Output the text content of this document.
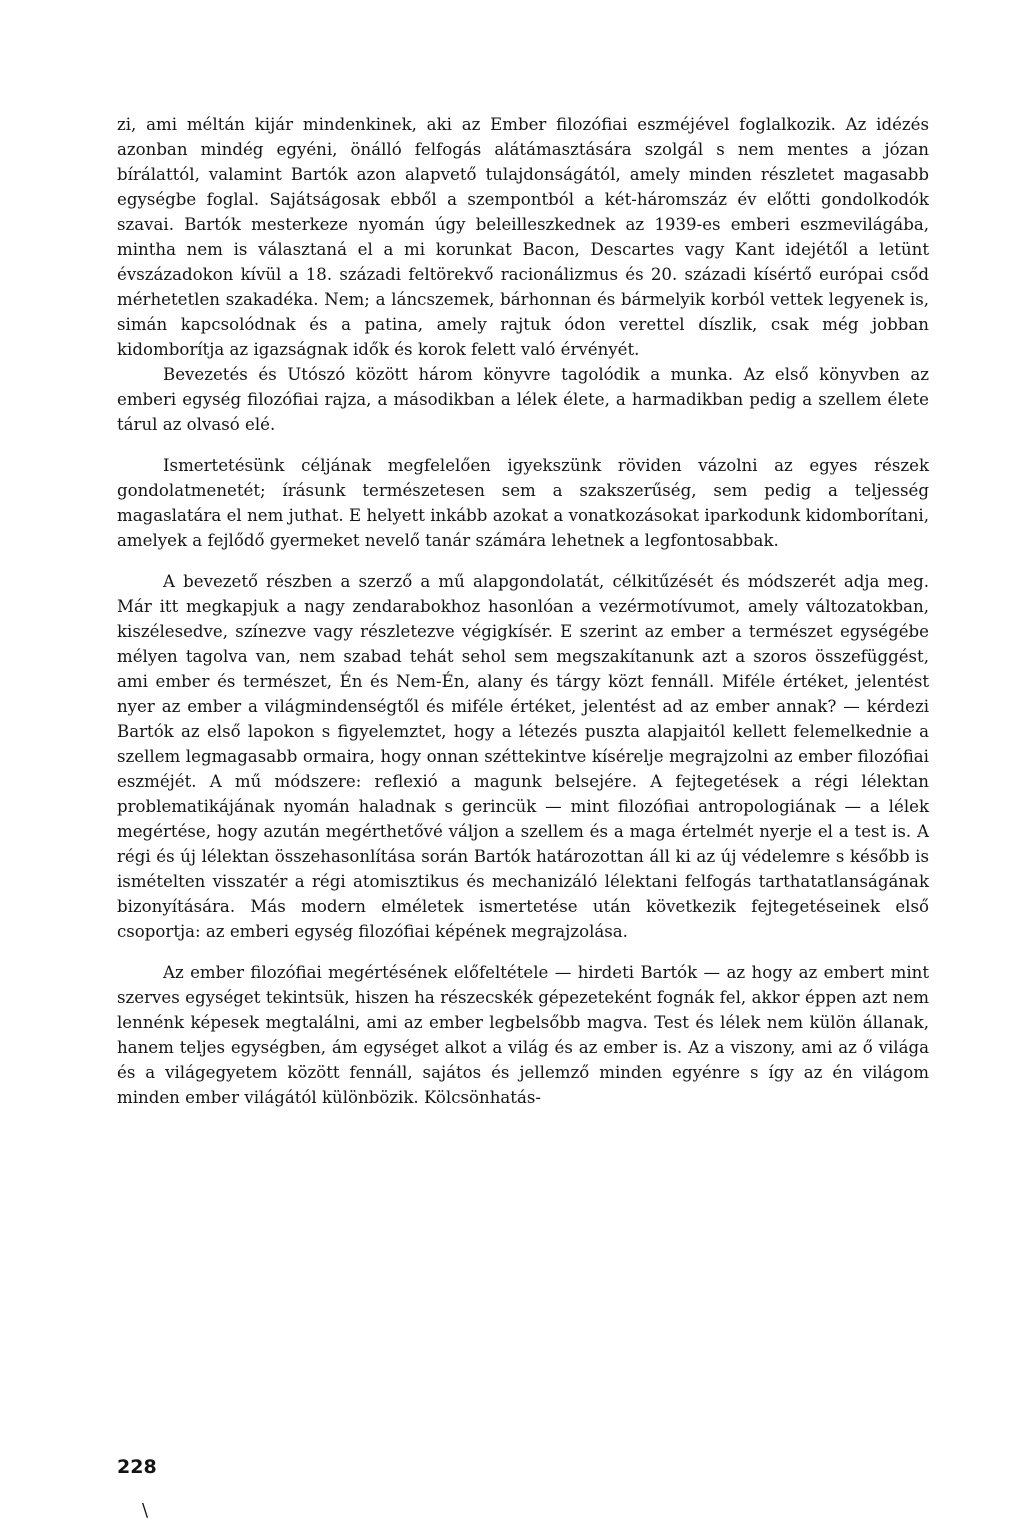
zi, ami méltán kijár mindenkinek, aki az Ember filozófiai eszméjével foglalkozik. Az idézés azonban mindég egyéni, önálló felfogás alátámasztására szolgál s nem mentes a józan bírálattól, valamint Bartók azon alapvető tulajdonságától, amely minden részletet magasabb egységbe foglal. Sajátságosak ebből a szempontból a két-háromszáz év előtti gondolkodók szavai. Bartók mesterkeze nyomán úgy beleilleszkednek az 1939-es emberi eszmevilágába, mintha nem is választaná el a mi korunkat Bacon, Descartes vagy Kant idejétől a letünt évszázadokon kívül a 18. századi feltörekvő racionálizmus és 20. századi kísértő európai csőd mérhetetlen szakadéka. Nem; a láncszemek, bárhonnan és bármelyik korból vettek legyenek is, simán kapcsolódnak és a patina, amely rajtuk ódon verettel díszlik, csak még jobban kidomborítja az igazságnak idők és korok felett való érvényét.

Bevezetés és Utószó között három könyvre tagolódik a munka. Az első könyvben az emberi egység filozófiai rajza, a másodikban a lélek élete, a harmadikban pedig a szellem élete tárul az olvasó elé.

Ismertetésünk céljának megfelelően igyekszünk röviden vázolni az egyes részek gondolatmenetét; írásunk természetesen sem a szakszerűség, sem pedig a teljesség magaslatára el nem juthat. E helyett inkább azokat a vonatkozásokat iparkodunk kidomborítani, amelyek a fejlődő gyermeket nevelő tanár számára lehetnek a legfontosabbak.

A bevezető részben a szerző a mű alapgondolatát, célkitűzését és módszerét adja meg. Már itt megkapjuk a nagy zendarabokhoz hasonlóan a vezérmotívumot, amely változatokban, kiszélesedve, színezve vagy részletezve végigkísér. E szerint az ember a természet egységébe mélyen tagolva van, nem szabad tehát sehol sem megszakítanunk azt a szoros összefüggést, ami ember és természet, Én és Nem-Én, alany és tárgy közt fennáll. Miféle értéket, jelentést nyer az ember a világmindenségtől és miféle értéket, jelentést ad az ember annak? — kérdezi Bartók az első lapokon s figyelemztet, hogy a létezés puszta alapjaitól kellett felemelkednie a szellem legmagasabb ormaira, hogy onnan széttekintve kísérelje megrajzolni az ember filozófiai eszméjét. A mű módszere: reflexió a magunk belsejére. A fejtegetések a régi lélektan problematikájának nyomán haladnak s gerincük — mint filozófiai antropologiának — a lélek megértése, hogy azután megérthetővé váljon a szellem és a maga értelmét nyerje el a test is. A régi és új lélektan összehasonlítása során Bartók határozottan áll ki az új védelemre s később is ismételten visszatér a régi atomisztikus és mechanizáló lélektani felfogás tarthatatlanságának bizonyítására. Más modern elméletek ismertetése után következik fejtegetéseinek első csoportja: az emberi egység filozófiai képének megrajzolása.

Az ember filozófiai megértésének előfeltétele — hirdeti Bartók — az hogy az embert mint szerves egységet tekintsük, hiszen ha részecskék gépezeteként fognák fel, akkor éppen azt nem lennénk képesek megtalálni, ami az ember legbelsőbb magva. Test és lélek nem külön állanak, hanem teljes egységben, ám egységet alkot a világ és az ember is. Az a viszony, ami az ő világa és a világegyetem között fennáll, sajátos és jellemző minden egyénre s így az én világom minden ember világától különbözik. Kölcsönhatás-

228
\
